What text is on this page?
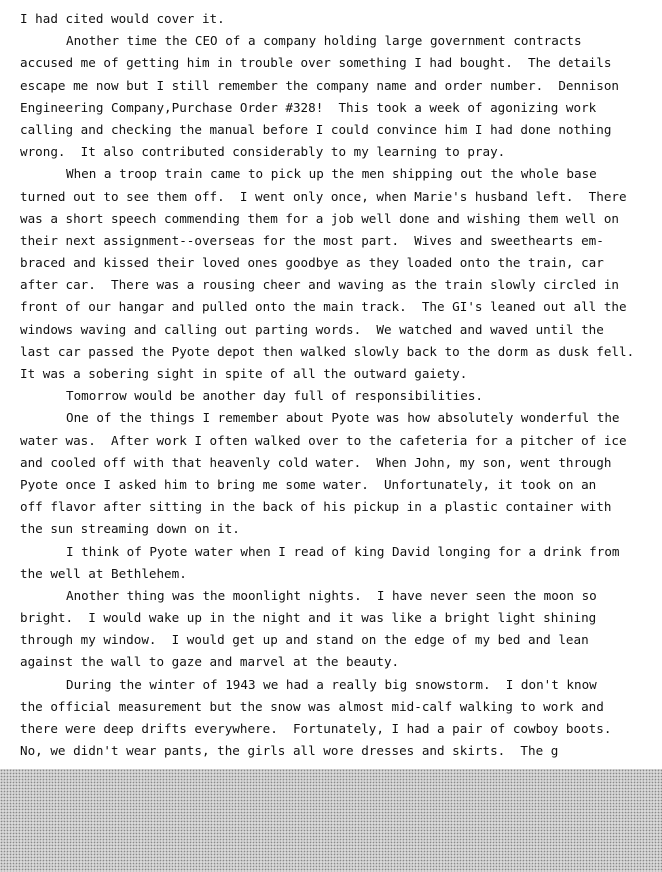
I had cited would cover it.
Another time the CEO of a company holding large government contracts
accused me of getting him in trouble over something I had bought.  The details
escape me now but I still remember the company name and order number.  Dennison
Engineering Company,Purchase Order #328!  This took a week of agonizing work
calling and checking the manual before I could convince him I had done nothing
wrong.  It also contributed considerably to my learning to pray.
When a troop train came to pick up the men shipping out the whole base
turned out to see them off.  I went only once, when Marie's husband left.  There
was a short speech commending them for a job well done and wishing them well on
their next assignment--overseas for the most part.  Wives and sweethearts em-
braced and kissed their loved ones goodbye as they loaded onto the train, car
after car.  There was a rousing cheer and waving as the train slowly circled in
front of our hangar and pulled onto the main track.  The GI's leaned out all the
windows waving and calling out parting words.  We watched and waved until the
last car passed the Pyote depot then walked slowly back to the dorm as dusk fell.
It was a sobering sight in spite of all the outward gaiety.
Tomorrow would be another day full of responsibilities.
One of the things I remember about Pyote was how absolutely wonderful the
water was.  After work I often walked over to the cafeteria for a pitcher of ice
and cooled off with that heavenly cold water.  When John, my son, went through
Pyote once I asked him to bring me some water.  Unfortunately, it took on an
off flavor after sitting in the back of his pickup in a plastic container with
the sun streaming down on it.
I think of Pyote water when I read of king David longing for a drink from
the well at Bethlehem.
Another thing was the moonlight nights.  I have never seen the moon so
bright.  I would wake up in the night and it was like a bright light shining
through my window.  I would get up and stand on the edge of my bed and lean
against the wall to gaze and marvel at the beauty.
During the winter of 1943 we had a really big snowstorm.  I don't know
the official measurement but the snow was almost mid-calf walking to work and
there were deep drifts everywhere.  Fortunately, I had a pair of cowboy boots.
No, we didn't wear pants, the girls all wore dresses and skirts.  The g
